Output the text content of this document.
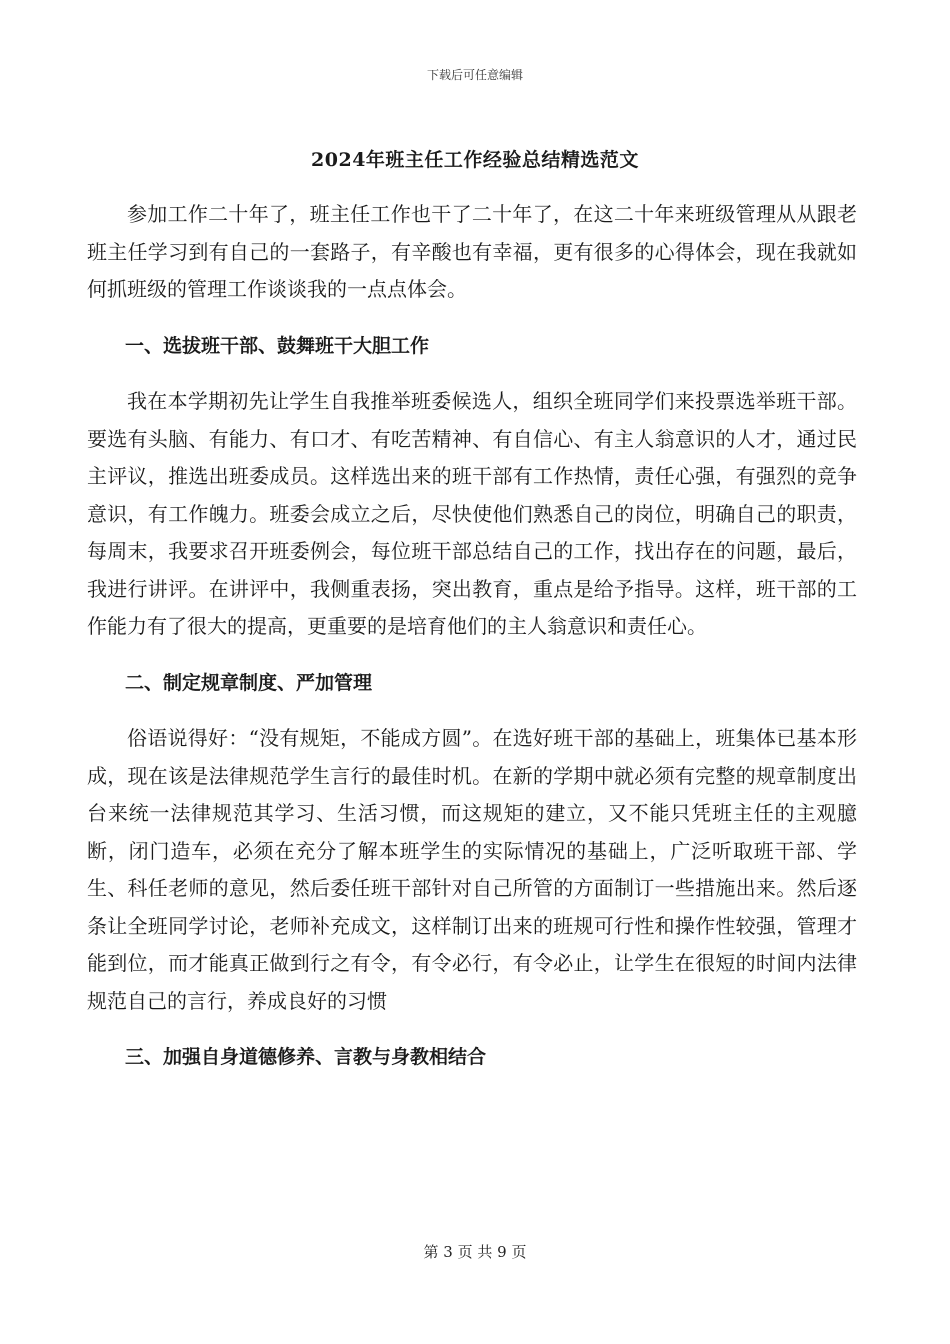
下载后可任意编辑
2024年班主任工作经验总结精选范文

参加工作二十年了，班主任工作也干了二十年了，在这二十年来班级管理从从跟老班主任学习到有自己的一套路子，有辛酸也有幸福，更有很多的心得体会，现在我就如何抓班级的管理工作谈谈我的一点点体会。

一、选拔班干部、鼓舞班干大胆工作

我在本学期初先让学生自我推举班委候选人，组织全班同学们来投票选举班干部。要选有头脑、有能力、有口才、有吃苦精神、有自信心、有主人翁意识的人才，通过民主评议，推选出班委成员。这样选出来的班干部有工作热情，责任心强，有强烈的竞争意识，有工作魄力。班委会成立之后，尽快使他们熟悉自己的岗位，明确自己的职责，每周末，我要求召开班委例会，每位班干部总结自己的工作，找出存在的问题，最后，我进行讲评。在讲评中，我侧重表扬，突出教育，重点是给予指导。这样，班干部的工作能力有了很大的提高，更重要的是培育他们的主人翁意识和责任心。

二、制定规章制度、严加管理

俗语说得好：“没有规矩，不能成方圆”。在选好班干部的基础上，班集体已基本形成，现在该是法律规范学生言行的最佳时机。在新的学期中就必须有完整的规章制度出台来统一法律规范其学习、生活习惯，而这规矩的建立，又不能只凭班主任的主观臆断，闭门造车，必须在充分了解本班学生的实际情况的基础上，广泛听取班干部、学生、科任老师的意见，然后委任班干部针对自己所管的方面制订一些措施出来。然后逐条让全班同学讨论，老师补充成文，这样制订出来的班规可行性和操作性较强，管理才能到位，而才能真正做到行之有令，有令必行，有令必止，让学生在很短的时间内法律规范自己的言行，养成良好的习惯

三、加强自身道德修养、言教与身教相结合

第 3 页 共 9 页
